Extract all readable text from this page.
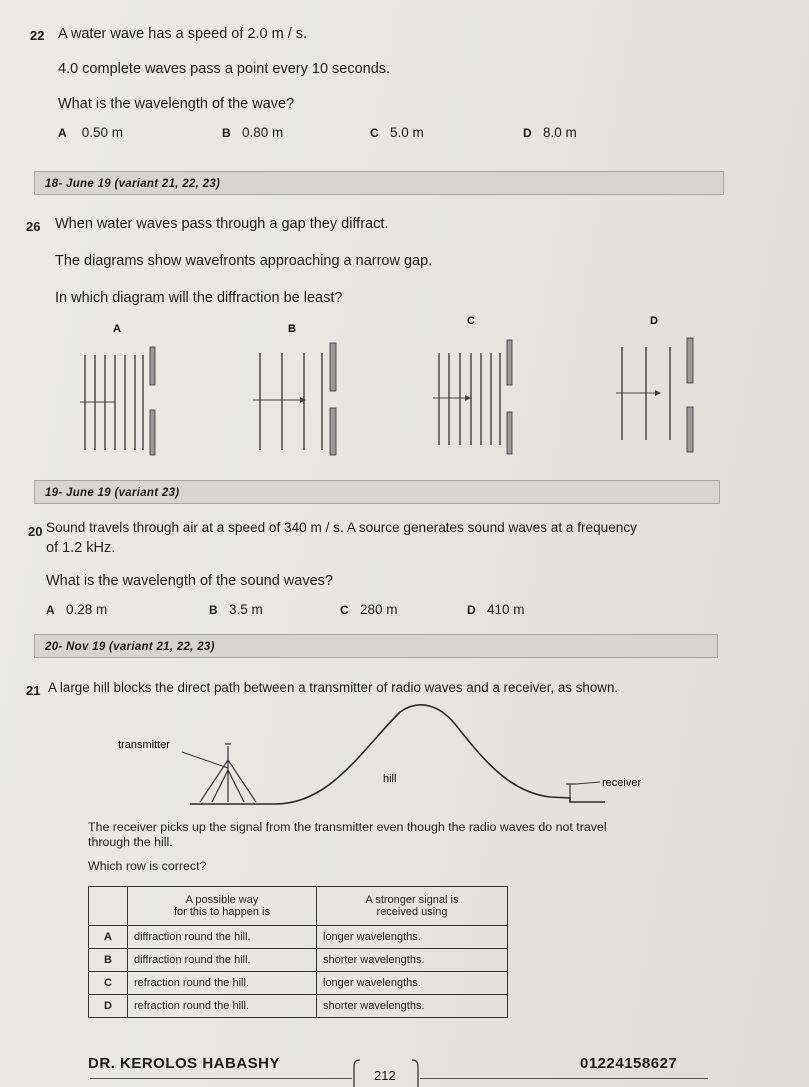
22 A water wave has a speed of 2.0 m / s.
4.0 complete waves pass a point every 10 seconds.
What is the wavelength of the wave?
A 0.50 m	B 0.80 m	C 5.0 m	D 8.0 m
18- June 19 (variant 21, 22, 23)
26 When water waves pass through a gap they diffract.
The diagrams show wavefronts approaching a narrow gap.
In which diagram will the diffraction be least?
A	B
C	D
19- June 19 (variant 23)
20 Sound travels through air at a speed of 340 m / s. A source generates sound waves at a frequency
of 1.2 kHz.
What is the wavelength of the sound waves?
A 0.28 m	B 3.5 m	C 280 m	D 410 m
20- Nov 19 (variant 21, 22, 23)
21 A large hill blocks the direct path between a transmitter of radio waves and a receiver, as shown.
transmitter
hill	receiver
The receiver picks up the signal from the transmitter even though the radio waves do not travel
through the hill.
Which row is correct?
	A possible way
for this to happen is	A stronger signal is
received using
A	diffraction round the hill.	longer wavelengths.
B	diffraction round the hill.	shorter wavelengths.
C	refraction round the hill.	longer wavelengths.
D	refraction round the hill.	shorter wavelengths.
DR. KEROLOS HABASHY
212
01224158627
